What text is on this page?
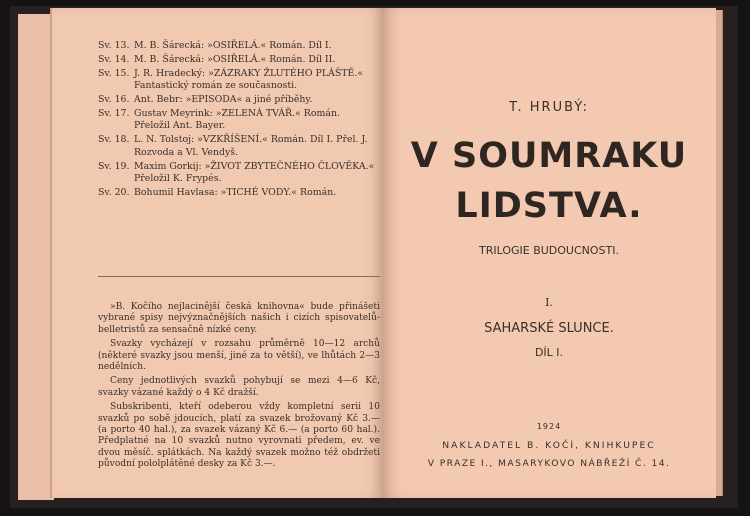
Sv. 13. M. B. Šárecká: »OSIŘELÁ.« Román. Díl I.
Sv. 14. M. B. Šárecká: »OSIŘELÁ.« Román. Díl II.
Sv. 15. J. R. Hradecký: »ZÁZRAKY ŽLUTÉHO PLÁŠTĚ.« Fantastický román ze současnosti.
Sv. 16. Ant. Bebr: »EPISODA« a jiné příběhy.
Sv. 17. Gustav Meyrink: »ZELENÁ TVÁŘ.« Román. Přeložil Ant. Bayer.
Sv. 18. L. N. Tolstoj: »VZKŘÍŠENÍ.« Román. Díl I. Přel. J. Rozvoda a Vl. Vendyš.
Sv. 19. Maxim Gorkij: »ŽIVOT ZBYTEČNÉHO ČLOVĚKA.« Přeložil K. Frypés.
Sv. 20. Bohumil Havlasa: »TICHÉ VODY.« Román.

»B. Kočího nejlacinější česká knihovna« bude přinášeti vybrané spisy nejvýznačnějších našich i cizích spisovatelů-belletristů za sensačně nízké ceny.

Svazky vycházejí v rozsahu průměrně 10—12 archů (některé svazky jsou menší, jiné za to větší), ve lhůtách 2—3 nedělních.

Ceny jednotlivých svazků pohybují se mezi 4—6 Kč, svazky vázané každý o 4 Kč dražší.

Subskribenti, kteří odeberou vždy kompletní serii 10 svazků po sobě jdoucích, platí za svazek brožovaný Kč 3.— (a porto 40 hal.), za svazek vázaný Kč 6.— (a porto 60 hal.). Předplatné na 10 svazků nutno vyrovnati předem, ev. ve dvou měsíč. splátkách. Na každý svazek možno též obdržeti původní pololplátěné desky za Kč 3.—.

T. HRUBÝ:
V SOUMRAKU
LIDSTVA.
TRILOGIE BUDOUCNOSTI.
I.
SAHARSKÉ SLUNCE.
DÍL I.
1924
NAKLADATEL B. KOČÍ, KNIHKUPEC
V PRAZE I., MASARYKOVO NÁBŘEŽÍ Č. 14.
